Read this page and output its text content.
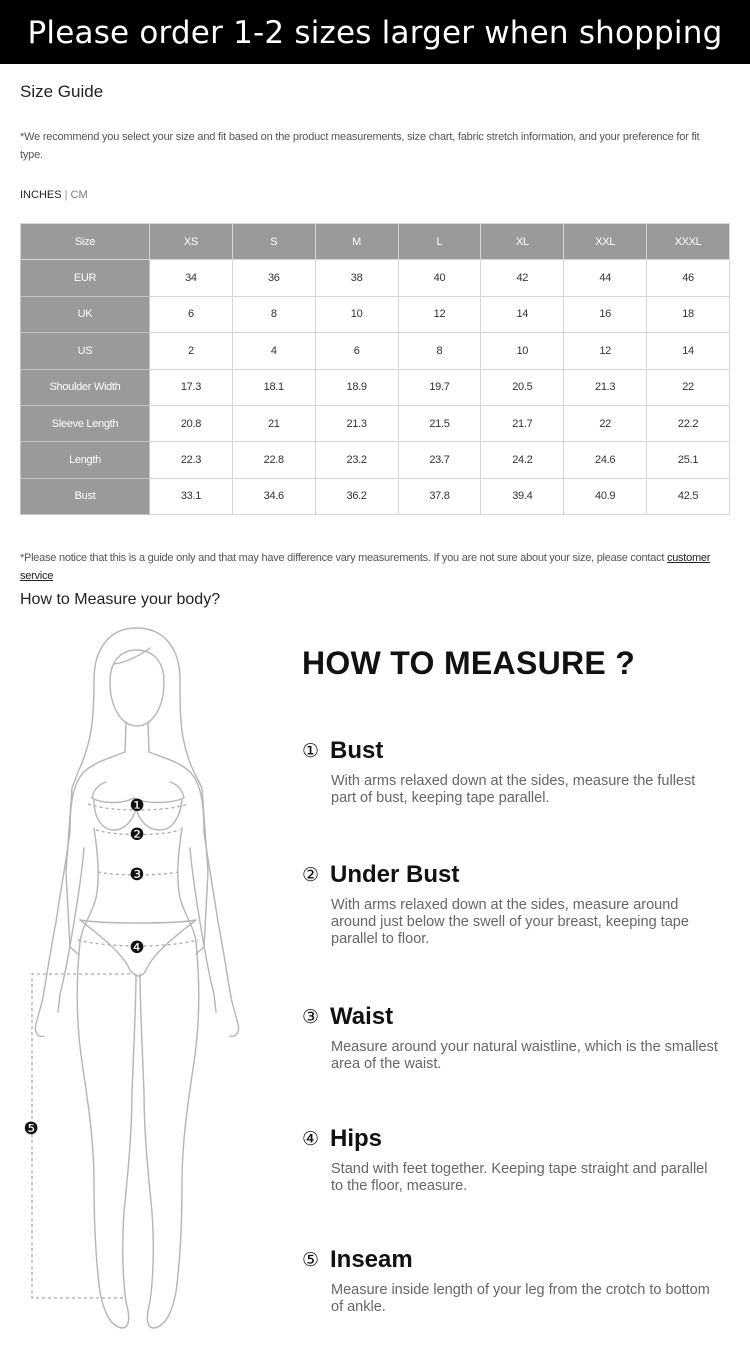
Please order 1-2 sizes larger when shopping
Size Guide
*We recommend you select your size and fit based on the product measurements, size chart, fabric stretch information, and your preference for fit type.
INCHES | CM
Size	XS	S	M	L	XL	XXL	XXXL
EUR	34	36	38	40	42	44	46
UK	6	8	10	12	14	16	18
US	2	4	6	8	10	12	14
Shoulder Width	17.3	18.1	18.9	19.7	20.5	21.3	22
Sleeve Length	20.8	21	21.3	21.5	21.7	22	22.2
Length	22.3	22.8	23.2	23.7	24.2	24.6	25.1
Bust	33.1	34.6	36.2	37.8	39.4	40.9	42.5
*Please notice that this is a guide only and that may have difference vary measurements. If you are not sure about your size, please contact customer service
How to Measure your body?
❶
❷
❸
❹
❺
HOW TO MEASURE ?
① Bust
With arms relaxed down at the sides, measure the fullest part of bust, keeping tape parallel.
② Under Bust
With arms relaxed down at the sides, measure around around just below the swell of your breast, keeping tape parallel to floor.
③ Waist
Measure around your natural waistline, which is the smallest area of the waist.
④ Hips
Stand with feet together. Keeping tape straight and parallel to the floor, measure.
⑤ Inseam
Measure inside length of your leg from the crotch to bottom of ankle.
